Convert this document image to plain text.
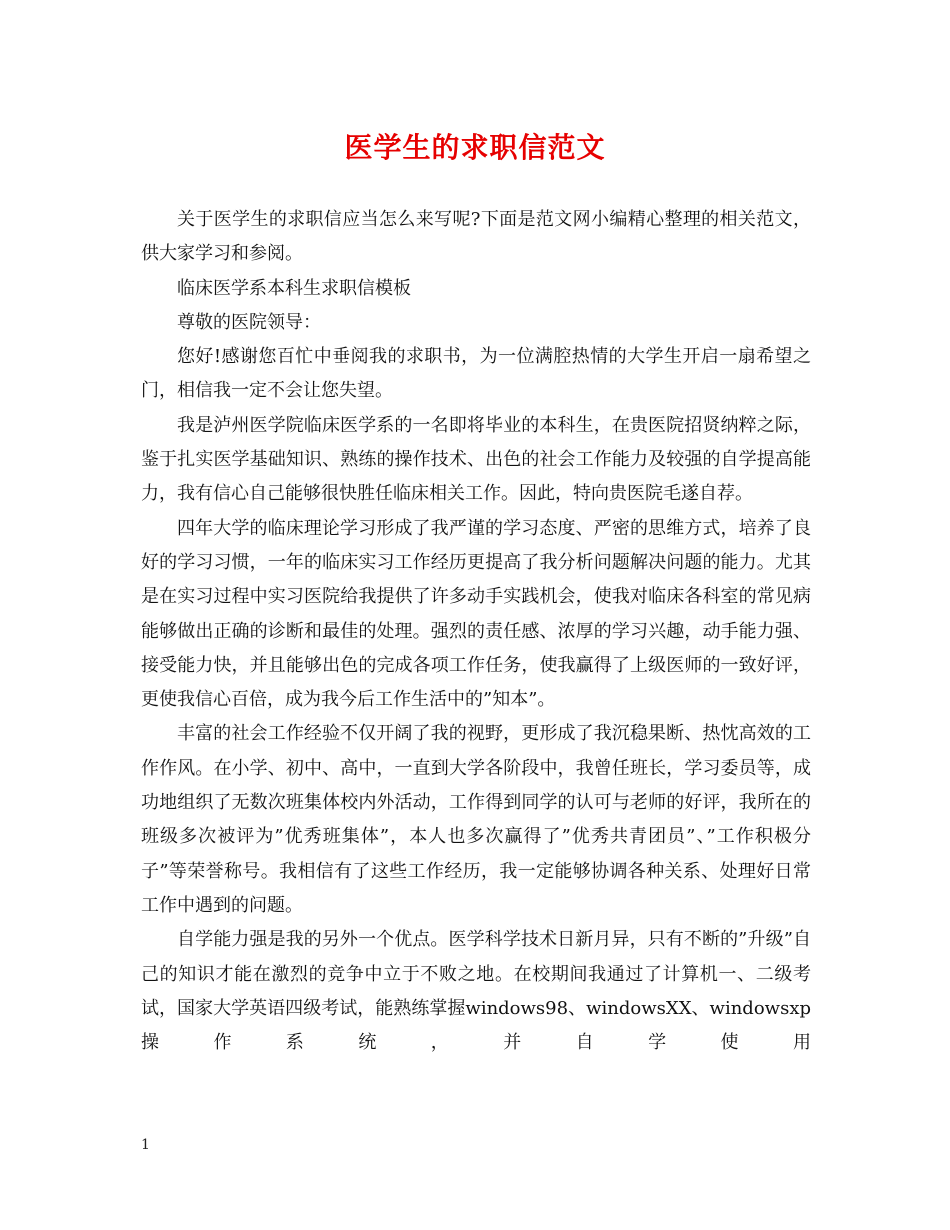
医学生的求职信范文

关于医学生的求职信应当怎么来写呢?下面是范文网小编精心整理的相关范文，供大家学习和参阅。

临床医学系本科生求职信模板

尊敬的医院领导：

您好!感谢您百忙中垂阅我的求职书，为一位满腔热情的大学生开启一扇希望之门，相信我一定不会让您失望。

我是泸州医学院临床医学系的一名即将毕业的本科生，在贵医院招贤纳粹之际，鉴于扎实医学基础知识、熟练的操作技术、出色的社会工作能力及较强的自学提高能力，我有信心自己能够很快胜任临床相关工作。因此，特向贵医院毛遂自荐。

四年大学的临床理论学习形成了我严谨的学习态度、严密的思维方式，培养了良好的学习习惯，一年的临床实习工作经历更提高了我分析问题解决问题的能力。尤其是在实习过程中实习医院给我提供了许多动手实践机会，使我对临床各科室的常见病能够做出正确的诊断和最佳的处理。强烈的责任感、浓厚的学习兴趣，动手能力强、接受能力快，并且能够出色的完成各项工作任务，使我赢得了上级医师的一致好评，更使我信心百倍，成为我今后工作生活中的”知本”。

丰富的社会工作经验不仅开阔了我的视野，更形成了我沉稳果断、热忱高效的工作作风。在小学、初中、高中，一直到大学各阶段中，我曾任班长，学习委员等，成功地组织了无数次班集体校内外活动，工作得到同学的认可与老师的好评，我所在的班级多次被评为”优秀班集体”，本人也多次赢得了”优秀共青团员”、”工作积极分子”等荣誉称号。我相信有了这些工作经历，我一定能够协调各种关系、处理好日常工作中遇到的问题。

自学能力强是我的另外一个优点。医学科学技术日新月异，只有不断的”升级”自己的知识才能在激烈的竞争中立于不败之地。在校期间我通过了计算机一、二级考试，国家大学英语四级考试，能熟练掌握windows98、windowsXX、windowsxp操作系统，并自学使用

1
